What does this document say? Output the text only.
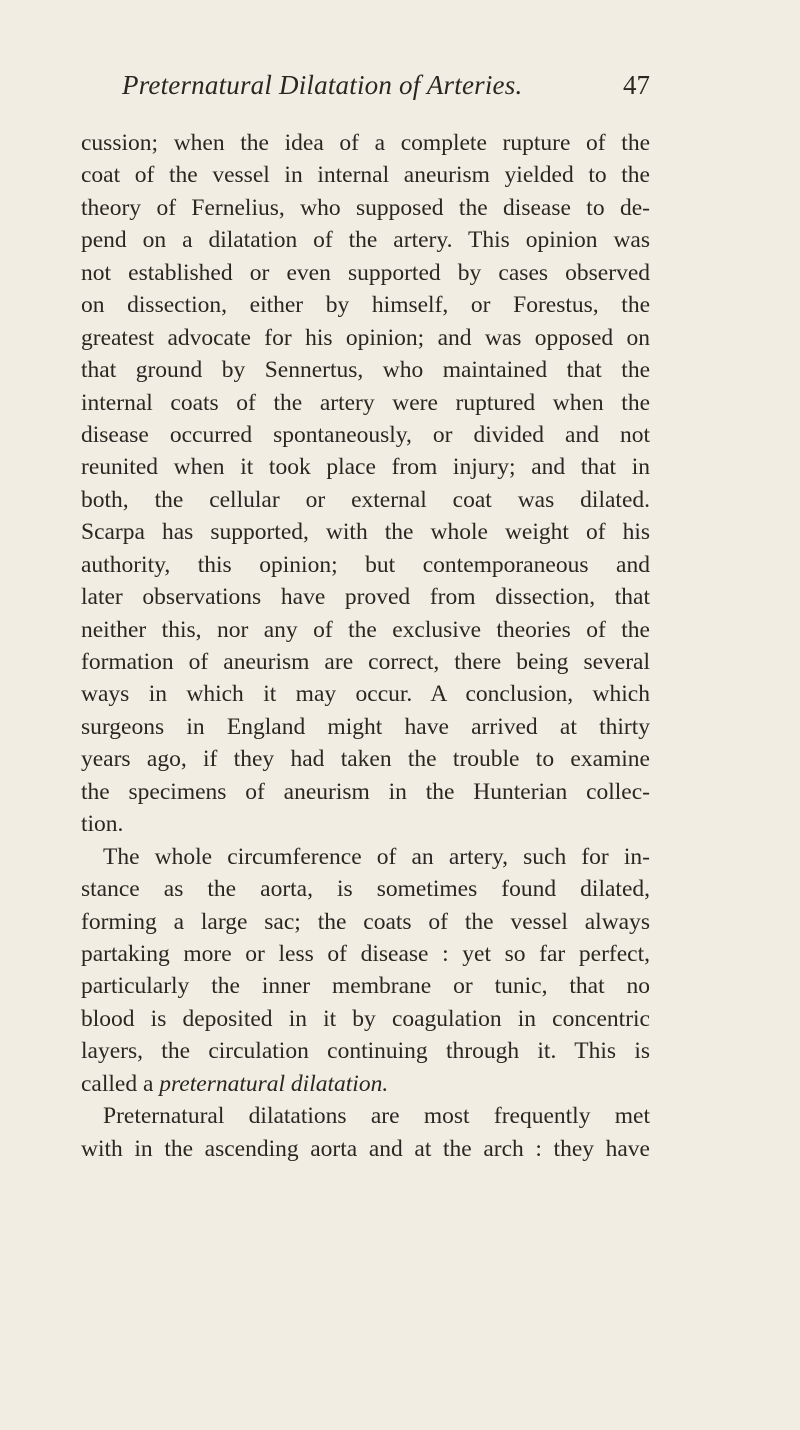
Preternatural Dilatation of Arteries.	47
cussion; when the idea of a complete rupture of the
coat of the vessel in internal aneurism yielded to the
theory of Fernelius, who supposed the disease to de-
pend on a dilatation of the artery. This opinion was
not established or even supported by cases observed
on dissection, either by himself, or Forestus, the
greatest advocate for his opinion; and was opposed on
that ground by Sennertus, who maintained that the
internal coats of the artery were ruptured when the
disease occurred spontaneously, or divided and not
reunited when it took place from injury; and that in
both, the cellular or external coat was dilated.
Scarpa has supported, with the whole weight of his
authority, this opinion; but contemporaneous and
later observations have proved from dissection, that
neither this, nor any of the exclusive theories of the
formation of aneurism are correct, there being several
ways in which it may occur. A conclusion, which
surgeons in England might have arrived at thirty
years ago, if they had taken the trouble to examine
the specimens of aneurism in the Hunterian collec-
tion.
The whole circumference of an artery, such for in-
stance as the aorta, is sometimes found dilated,
forming a large sac; the coats of the vessel always
partaking more or less of disease : yet so far perfect,
particularly the inner membrane or tunic, that no
blood is deposited in it by coagulation in concentric
layers, the circulation continuing through it. This is
called a preternatural dilatation.
Preternatural dilatations are most frequently met
with in the ascending aorta and at the arch : they have
